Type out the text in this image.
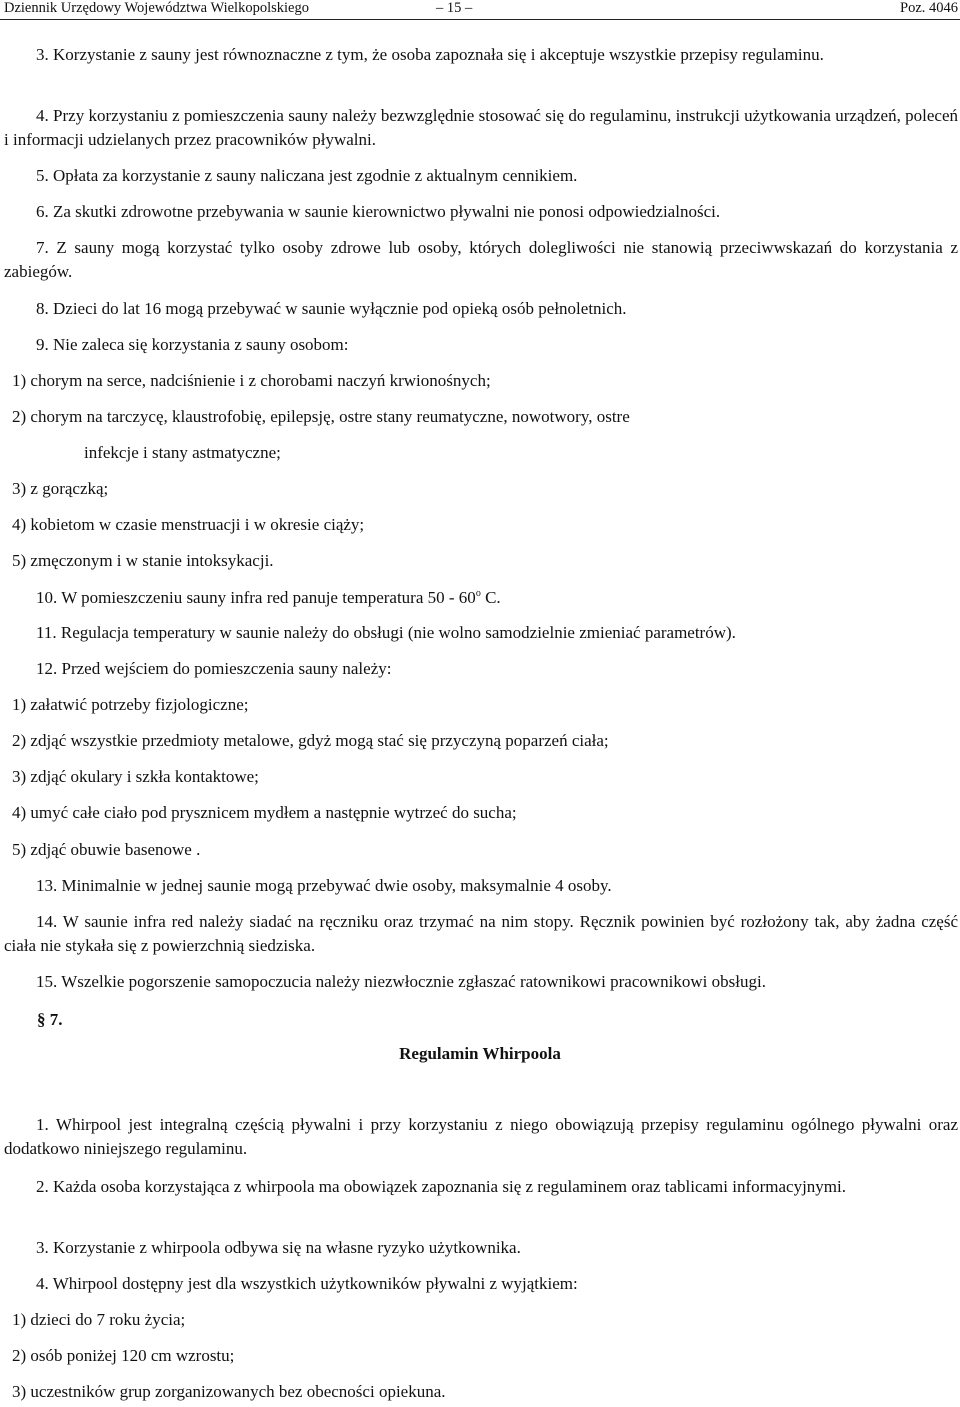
Dziennik Urzędowy Województwa Wielkopolskiego	– 15 –	Poz. 4046

3. Korzystanie z sauny jest równoznaczne z tym, że osoba zapoznała się i akceptuje wszystkie przepisy regulaminu.

4. Przy korzystaniu z pomieszczenia sauny należy bezwzględnie stosować się do regulaminu, instrukcji użytkowania urządzeń, poleceń i informacji udzielanych przez pracowników pływalni.

5. Opłata za korzystanie z sauny naliczana jest zgodnie z aktualnym cennikiem.

6. Za skutki zdrowotne przebywania w saunie kierownictwo pływalni nie ponosi odpowiedzialności.

7. Z sauny mogą korzystać tylko osoby zdrowe lub osoby, których dolegliwości nie stanowią przeciwwskazań do korzystania z zabiegów.

8. Dzieci do lat 16 mogą przebywać w saunie wyłącznie pod opieką osób pełnoletnich.

9. Nie zaleca się korzystania z sauny osobom:

1) chorym na serce, nadciśnienie i z chorobami naczyń krwionośnych;
2) chorym na tarczycę, klaustrofobię, epilepsję, ostre stany reumatyczne, nowotwory, ostre
infekcje i stany astmatyczne;
3) z gorączką;
4) kobietom w czasie menstruacji i w okresie ciąży;
5) zmęczonym i w stanie intoksykacji.

10. W pomieszczeniu sauny infra red panuje temperatura 50 - 60$^o$ C.

11. Regulacja temperatury w saunie należy do obsługi (nie wolno samodzielnie zmieniać parametrów).

12. Przed wejściem do pomieszczenia sauny należy:

1) załatwić potrzeby fizjologiczne;
2) zdjąć wszystkie przedmioty metalowe, gdyż mogą stać się przyczyną poparzeń ciała;
3) zdjąć okulary i szkła kontaktowe;
4) umyć całe ciało pod prysznicem mydłem a następnie wytrzeć do sucha;
5) zdjąć obuwie basenowe .

13. Minimalnie w jednej saunie mogą przebywać dwie osoby, maksymalnie 4 osoby.

14. W saunie infra red należy siadać na ręczniku oraz trzymać na nim stopy. Ręcznik powinien być rozłożony tak, aby żadna część ciała nie stykała się z powierzchnią siedziska.

15. Wszelkie pogorszenie samopoczucia należy niezwłocznie zgłaszać ratownikowi pracownikowi obsługi.

§ 7.
Regulamin Whirpoola

1. Whirpool jest integralną częścią pływalni i przy korzystaniu z niego obowiązują przepisy regulaminu ogólnego pływalni oraz dodatkowo niniejszego regulaminu.

2. Każda osoba korzystająca z whirpoola ma obowiązek zapoznania się z regulaminem oraz tablicami informacyjnymi.

3. Korzystanie z whirpoola odbywa się na własne ryzyko użytkownika.

4. Whirpool dostępny jest dla wszystkich użytkowników pływalni z wyjątkiem:

1) dzieci do 7 roku życia;
2) osób poniżej 120 cm wzrostu;
3) uczestników grup zorganizowanych bez obecności opiekuna.
